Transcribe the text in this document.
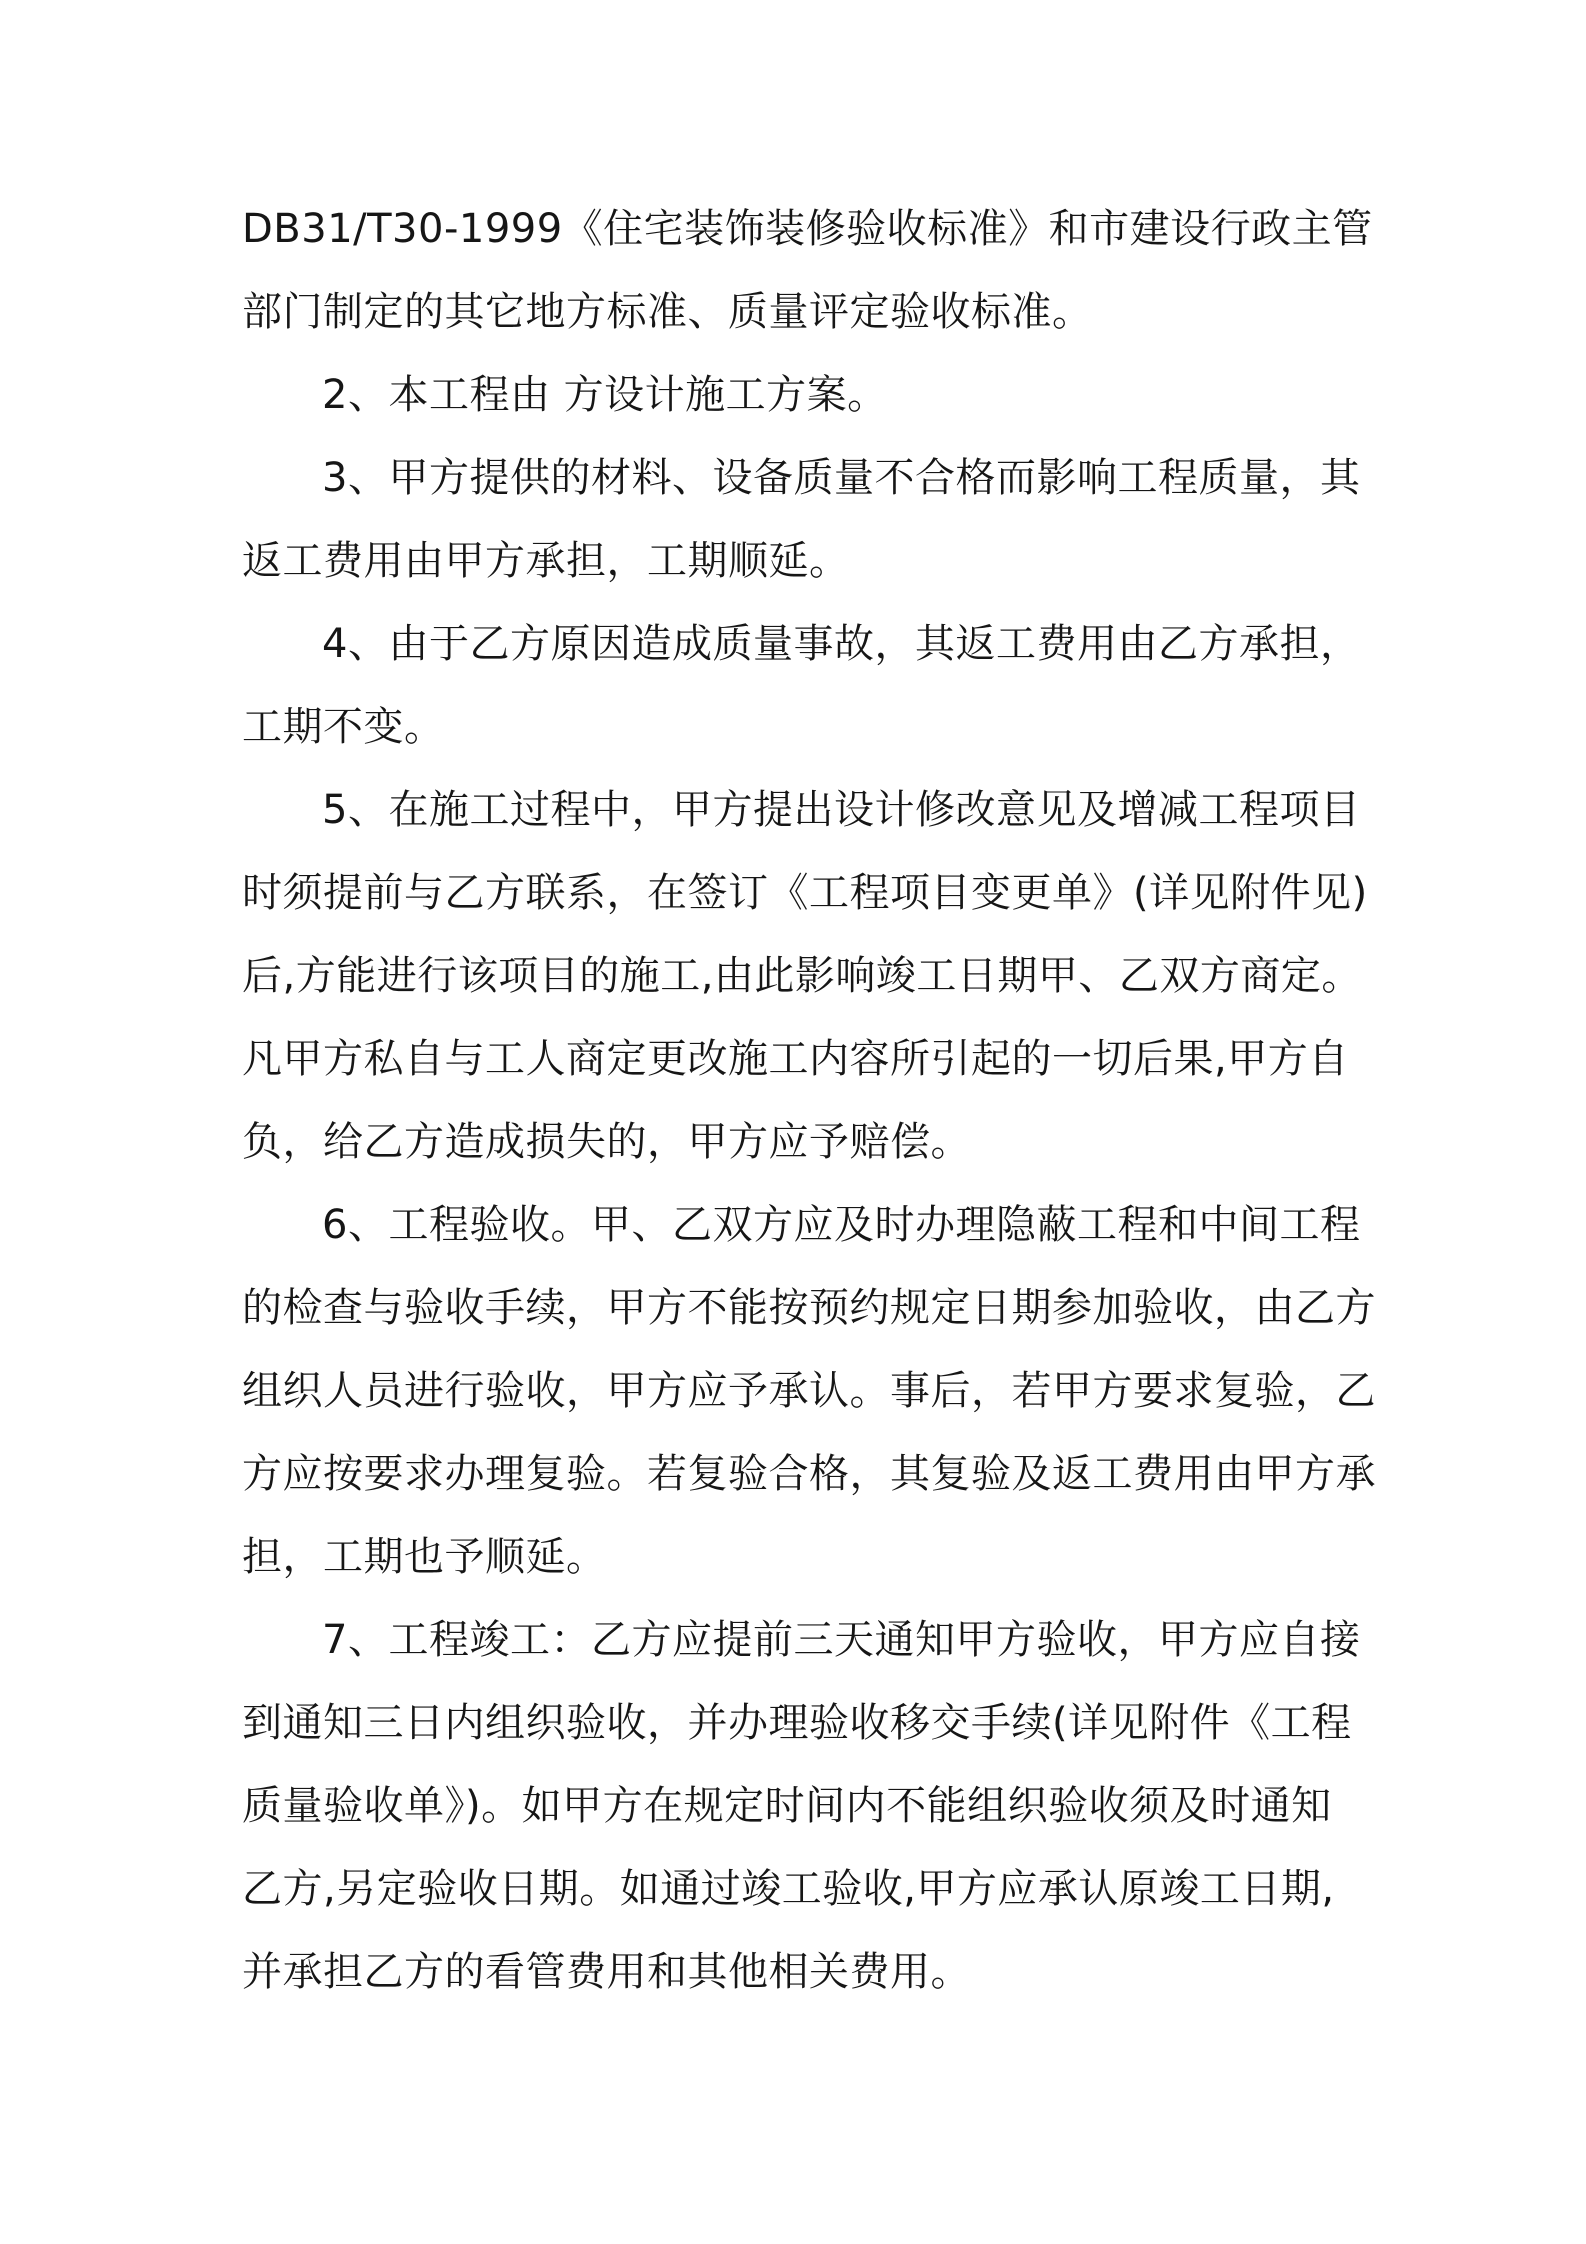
DB31/T30-1999《住宅装饰装修验收标准》和市建设行政主管
部门制定的其它地方标准、质量评定验收标准。
2、本工程由 方设计施工方案。
3、甲方提供的材料、设备质量不合格而影响工程质量，其
返工费用由甲方承担，工期顺延。
4、由于乙方原因造成质量事故，其返工费用由乙方承担，
工期不变。
5、在施工过程中，甲方提出设计修改意见及增减工程项目
时须提前与乙方联系，在签订《工程项目变更单》(详见附件见)
后,方能进行该项目的施工,由此影响竣工日期甲、乙双方商定。
凡甲方私自与工人商定更改施工内容所引起的一切后果,甲方自
负，给乙方造成损失的，甲方应予赔偿。
6、工程验收。甲、乙双方应及时办理隐蔽工程和中间工程
的检查与验收手续，甲方不能按预约规定日期参加验收，由乙方
组织人员进行验收，甲方应予承认。事后，若甲方要求复验，乙
方应按要求办理复验。若复验合格，其复验及返工费用由甲方承
担，工期也予顺延。
7、工程竣工：乙方应提前三天通知甲方验收，甲方应自接
到通知三日内组织验收，并办理验收移交手续(详见附件《工程
质量验收单》)。如甲方在规定时间内不能组织验收须及时通知
乙方,另定验收日期。如通过竣工验收,甲方应承认原竣工日期,
并承担乙方的看管费用和其他相关费用。
